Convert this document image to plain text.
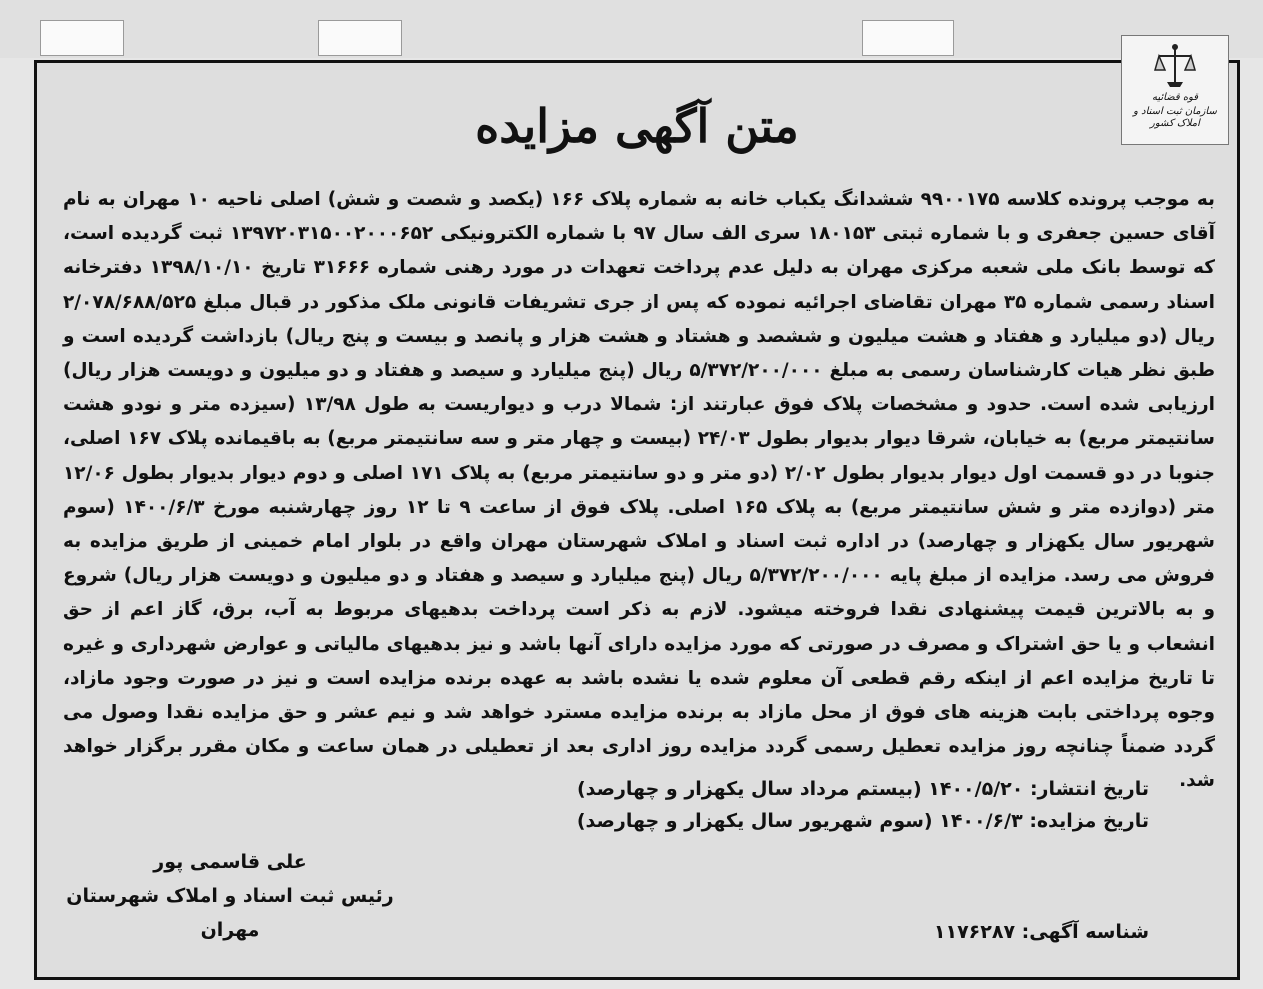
قوه قضائیه
سازمان ثبت اسناد و املاک کشور
متن آگهی مزایده
به موجب پرونده کلاسه ۹۹۰۰۱۷۵ ششدانگ یکباب خانه به شماره پلاک ۱۶۶ (یکصد و شصت و شش) اصلی ناحیه ۱۰ مهران به نام آقای حسین جعفری و با شماره ثبتی ۱۸۰۱۵۳ سری الف سال ۹۷ با شماره الکترونیکی ۱۳۹۷۲۰۳۱۵۰۰۲۰۰۰۶۵۲ ثبت گردیده است، که توسط بانک ملی شعبه مرکزی مهران به دلیل عدم پرداخت تعهدات در مورد رهنی شماره ۳۱۶۶۶ تاریخ ۱۳۹۸/۱۰/۱۰ دفترخانه اسناد رسمی شماره ۳۵ مهران تقاضای اجرائیه نموده که پس از جری تشریفات قانونی ملک مذکور در قبال مبلغ ۲/۰۷۸/۶۸۸/۵۲۵ ریال (دو میلیارد و هفتاد و هشت میلیون و ششصد و هشتاد و هشت هزار و پانصد و بیست و پنج ریال) بازداشت گردیده است و طبق نظر هیات کارشناسان رسمی به مبلغ ۵/۳۷۲/۲۰۰/۰۰۰ ریال (پنج میلیارد و سیصد و هفتاد و دو میلیون و دویست هزار ریال) ارزیابی شده است. حدود و مشخصات پلاک فوق عبارتند از: شمالا درب و دیواریست به طول ۱۳/۹۸ (سیزده متر و نودو هشت سانتیمتر مربع) به خیابان، شرقا دیوار بدیوار بطول ۲۴/۰۳ (بیست و چهار متر و سه سانتیمتر مربع) به باقیمانده پلاک ۱۶۷ اصلی، جنوبا در دو قسمت اول دیوار بدیوار بطول ۲/۰۲ (دو متر و دو سانتیمتر مربع) به پلاک ۱۷۱ اصلی و دوم دیوار بدیوار بطول ۱۲/۰۶ متر (دوازده متر و شش سانتیمتر مربع) به پلاک ۱۶۵ اصلی. پلاک فوق از ساعت ۹ تا ۱۲ روز چهارشنبه مورخ ۱۴۰۰/۶/۳ (سوم شهریور سال یکهزار و چهارصد) در اداره ثبت اسناد و املاک شهرستان مهران واقع در بلوار امام خمینی از طریق مزایده به فروش می رسد. مزایده از مبلغ پایه ۵/۳۷۲/۲۰۰/۰۰۰ ریال (پنج میلیارد و سیصد و هفتاد و دو میلیون و دویست هزار ریال) شروع و به بالاترین قیمت پیشنهادی نقدا فروخته میشود. لازم به ذکر است پرداخت بدهیهای مربوط به آب، برق، گاز اعم از حق انشعاب و یا حق اشتراک و مصرف در صورتی که مورد مزایده دارای آنها باشد و نیز بدهیهای مالیاتی و عوارض شهرداری و غیره تا تاریخ مزایده اعم از اینکه رقم قطعی آن معلوم شده یا نشده باشد به عهده برنده مزایده است و نیز در صورت وجود مازاد، وجوه پرداختی بابت هزینه های فوق از محل مازاد به برنده مزایده مسترد خواهد شد و نیم عشر و حق مزایده نقدا وصول می گردد ضمناً چنانچه روز مزایده تعطیل رسمی گردد مزایده روز اداری بعد از تعطیلی در همان ساعت و مکان مقرر برگزار خواهد شد.
تاریخ انتشار: ۱۴۰۰/۵/۲۰ (بیستم مرداد سال یکهزار و چهارصد)
تاریخ مزایده: ۱۴۰۰/۶/۳ (سوم شهریور سال یکهزار و چهارصد)
علی قاسمی پور
رئیس ثبت اسناد و املاک شهرستان مهران	شناسه آگهی: ۱۱۷۶۲۸۷
